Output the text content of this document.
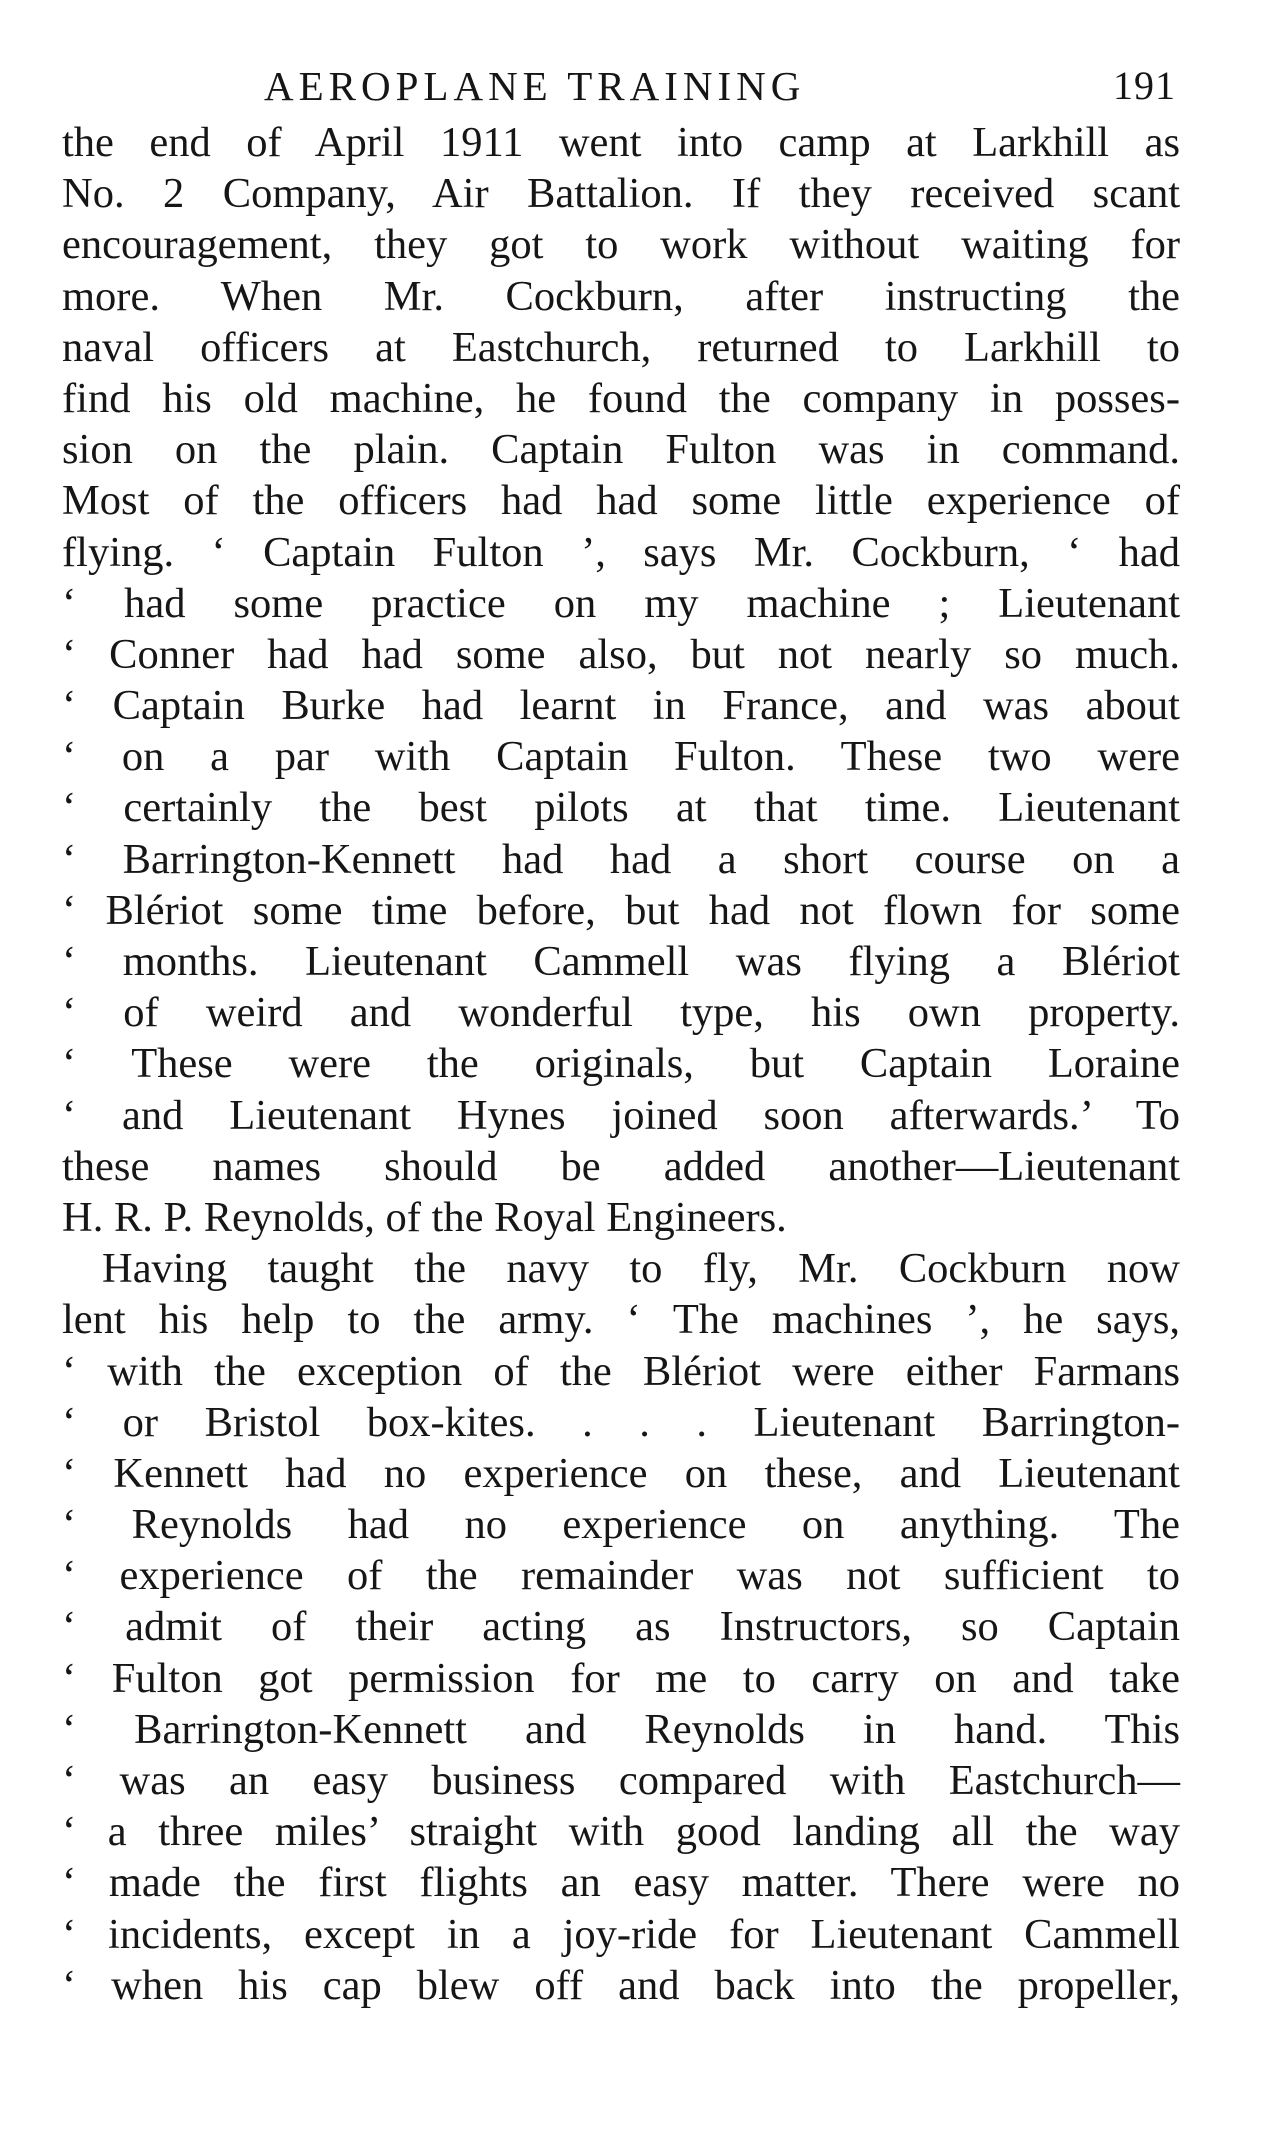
AEROPLANE TRAINING	191
the end of April 1911 went into camp at Larkhill as
No. 2 Company, Air Battalion. If they received scant
encouragement, they got to work without waiting for
more. When Mr. Cockburn, after instructing the
naval officers at Eastchurch, returned to Larkhill to
find his old machine, he found the company in posses-
sion on the plain. Captain Fulton was in command.
Most of the officers had had some little experience of
flying. ‘ Captain Fulton ’, says Mr. Cockburn, ‘ had
‘ had some practice on my machine ; Lieutenant
‘ Conner had had some also, but not nearly so much.
‘ Captain Burke had learnt in France, and was about
‘ on a par with Captain Fulton. These two were
‘ certainly the best pilots at that time. Lieutenant
‘ Barrington-Kennett had had a short course on a
‘ Blériot some time before, but had not flown for some
‘ months. Lieutenant Cammell was flying a Blériot
‘ of weird and wonderful type, his own property.
‘ These were the originals, but Captain Loraine
‘ and Lieutenant Hynes joined soon afterwards.’ To
these names should be added another—Lieutenant
H. R. P. Reynolds, of the Royal Engineers.
Having taught the navy to fly, Mr. Cockburn now
lent his help to the army. ‘ The machines ’, he says,
‘ with the exception of the Blériot were either Farmans
‘ or Bristol box-kites. . . . Lieutenant Barrington-
‘ Kennett had no experience on these, and Lieutenant
‘ Reynolds had no experience on anything. The
‘ experience of the remainder was not sufficient to
‘ admit of their acting as Instructors, so Captain
‘ Fulton got permission for me to carry on and take
‘ Barrington-Kennett and Reynolds in hand. This
‘ was an easy business compared with Eastchurch—
‘ a three miles’ straight with good landing all the way
‘ made the first flights an easy matter. There were no
‘ incidents, except in a joy-ride for Lieutenant Cammell
‘ when his cap blew off and back into the propeller,
